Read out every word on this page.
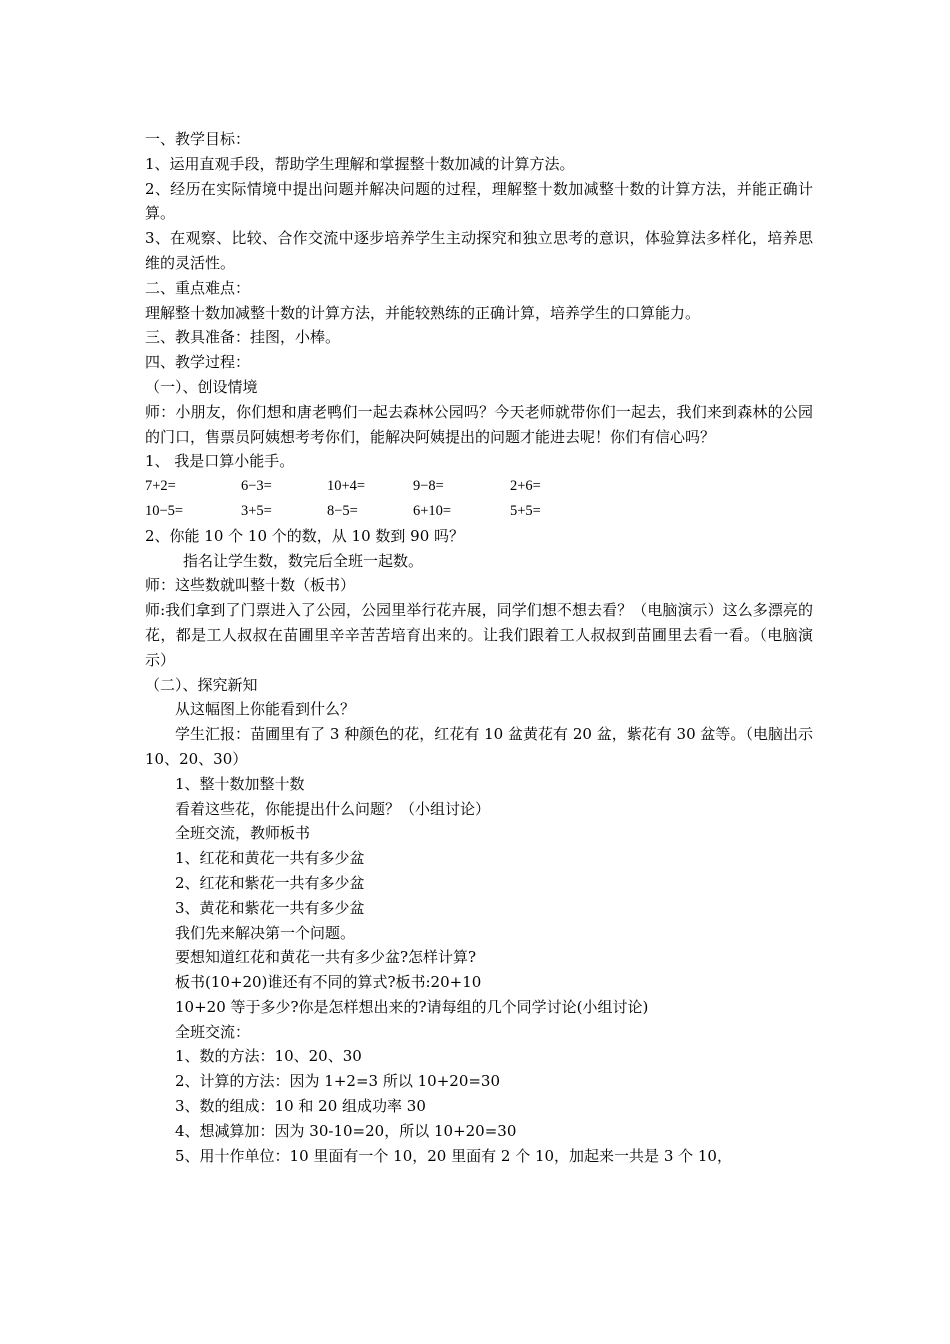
一、教学目标：

1、运用直观手段，帮助学生理解和掌握整十数加减的计算方法。

2、经历在实际情境中提出问题并解决问题的过程，理解整十数加减整十数的计算方法，并能正确计算。

3、在观察、比较、合作交流中逐步培养学生主动探究和独立思考的意识，体验算法多样化，培养思维的灵活性。

二、重点难点：

理解整十数加减整十数的计算方法，并能较熟练的正确计算，培养学生的口算能力。

三、教具准备：挂图，小棒。

四、教学过程：

（一）、创设情境

师：小朋友，你们想和唐老鸭们一起去森林公园吗？今天老师就带你们一起去，我们来到森林的公园的门口，售票员阿姨想考考你们，能解决阿姨提出的问题才能进去呢！你们有信心吗？

1、 我是口算小能手。

7+2=	6−3=	10+4=	9−8=	2+6=
10−5=	3+5=	8−5=	6+10=	5+5=

2、你能 10 个 10 个的数，从 10 数到 90 吗？

指名让学生数，数完后全班一起数。

师：这些数就叫整十数（板书）

师:我们拿到了门票进入了公园，公园里举行花卉展，同学们想不想去看？（电脑演示）这么多漂亮的花，都是工人叔叔在苗圃里辛辛苦苦培育出来的。让我们跟着工人叔叔到苗圃里去看一看。（电脑演示）

（二）、探究新知

从这幅图上你能看到什么？

学生汇报：苗圃里有了 3 种颜色的花，红花有 10 盆黄花有 20 盆，紫花有 30 盆等。（电脑出示 10、20、30）

1、整十数加整十数

看着这些花，你能提出什么问题？（小组讨论）

全班交流，教师板书

1、红花和黄花一共有多少盆

2、红花和紫花一共有多少盆

3、黄花和紫花一共有多少盆

我们先来解决第一个问题。

要想知道红花和黄花一共有多少盆?怎样计算?

板书(10+20)谁还有不同的算式?板书:20+10

10+20 等于多少?你是怎样想出来的?请每组的几个同学讨论(小组讨论)

全班交流：

1、数的方法：10、20、30

2、计算的方法：因为 1+2=3 所以 10+20=30

3、数的组成：10 和 20 组成功率 30

4、想减算加：因为 30-10=20，所以 10+20=30

5、用十作单位：10 里面有一个 10，20 里面有 2 个 10，加起来一共是 3 个 10，
